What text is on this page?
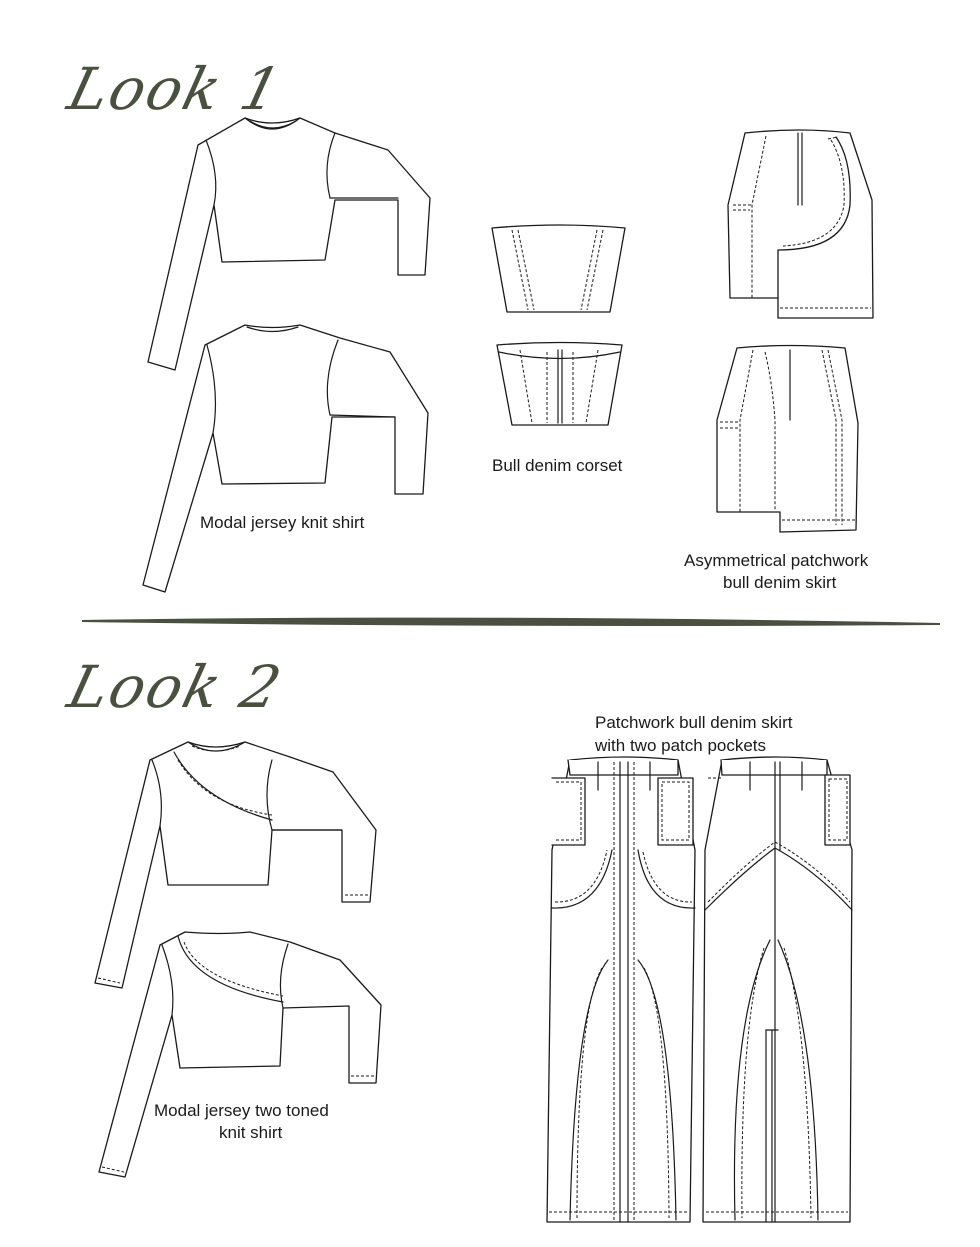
Look 1
Look 2
Modal jersey knit shirt
Bull denim corset
Asymmetrical patchwork
bull denim skirt
Patchwork bull denim skirt
with two patch pockets
Modal jersey two toned
knit shirt
